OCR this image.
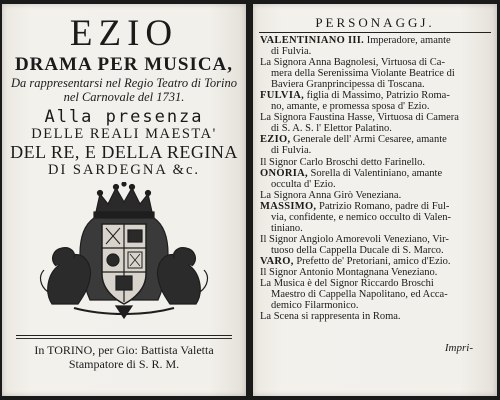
EZIO
DRAMA PER MUSICA,
Da rappresentarsi nel Regio Teatro di Torino
nel Carnovale del 1731.
Alla presenza
DELLE REALI MAESTA'
DEL RE, E DELLA REGINA
DI SARDEGNA &c.
In TORINO, per Gio: Battista Valetta
Stampatore di S. R. M.
PERSONAGGJ.
VALENTINIANO III. Imperadore, amante
di Fulvia.
La Signora Anna Bagnolesi, Virtuosa di Ca-
mera della Serenissima Violante Beatrice di
Baviera Granprincipessa di Toscana.
FULVIA, figlia di Massimo, Patrizio Roma-
no, amante, e promessa sposa d' Ezio.
La Signora Faustina Hasse, Virtuosa di Camera
di S. A. S. l' Elettor Palatino.
EZIO, Generale dell' Armi Cesaree, amante
di Fulvia.
Il Signor Carlo Broschi detto Farinello.
ONORIA, Sorella di Valentiniano, amante
occulta d' Ezio.
La Signora Anna Girò Veneziana.
MASSIMO, Patrizio Romano, padre di Ful-
via, confidente, e nemico occulto di Valen-
tiniano.
Il Signor Angiolo Amorevoli Veneziano, Vir-
tuoso della Cappella Ducale di S. Marco.
VARO, Prefetto de' Pretoriani, amico d'Ezio.
Il Signor Antonio Montagnana Veneziano.
La Musica è del Signor Riccardo Broschi
Maestro di Cappella Napolitano, ed Acca-
demico Filarmonico.
La Scena si rappresenta in Roma.
Impri-
